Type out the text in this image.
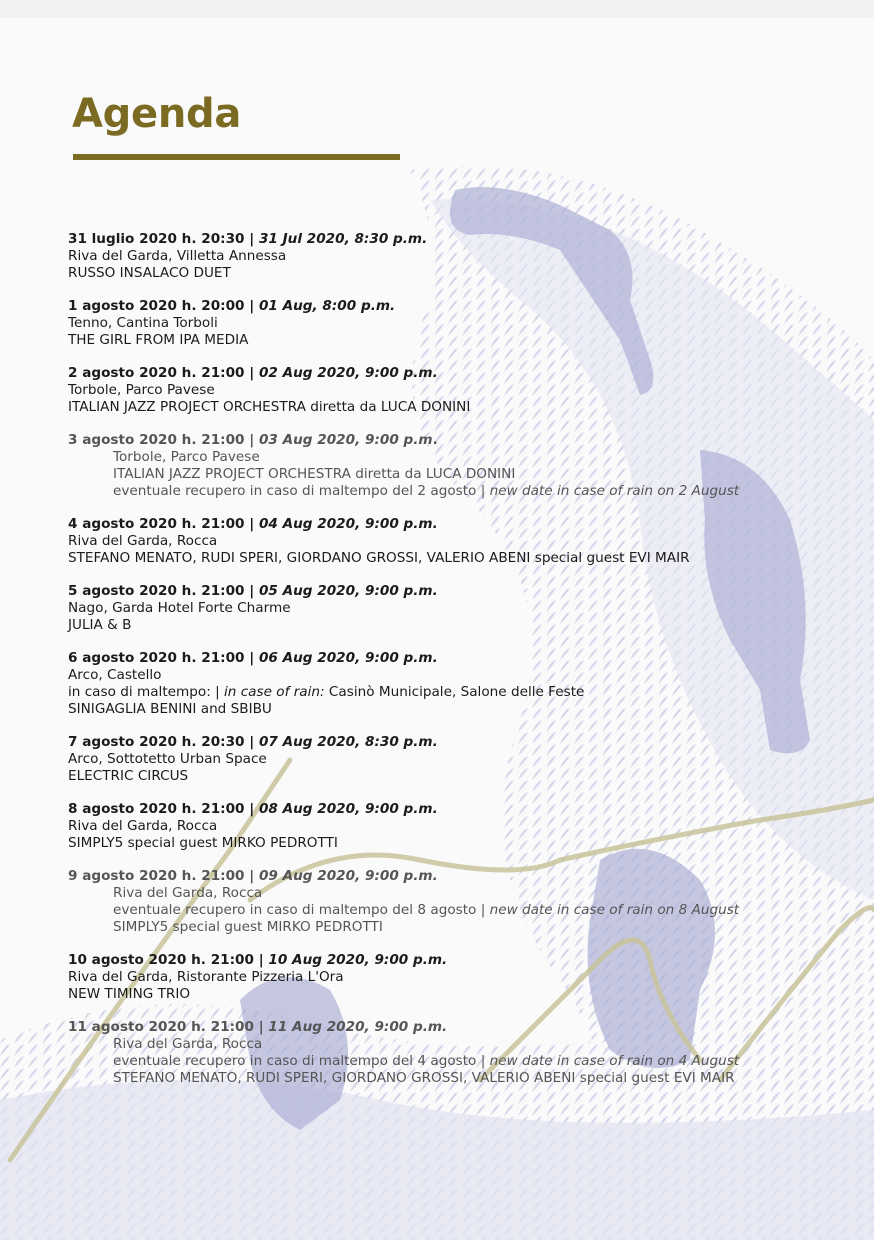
Agenda
31 luglio 2020 h. 20:30 | 31 Jul 2020, 8:30 p.m.
Riva del Garda, Villetta Annessa
RUSSO INSALACO DUET
1 agosto 2020 h. 20:00 | 01 Aug, 8:00 p.m.
Tenno, Cantina Torboli
THE GIRL FROM IPA MEDIA
2 agosto 2020 h. 21:00 | 02 Aug 2020, 9:00 p.m.
Torbole, Parco Pavese
ITALIAN JAZZ PROJECT ORCHESTRA diretta da LUCA DONINI
3 agosto 2020 h. 21:00 | 03 Aug 2020, 9:00 p.m.
Torbole, Parco Pavese
ITALIAN JAZZ PROJECT ORCHESTRA diretta da LUCA DONINI
eventuale recupero in caso di maltempo del 2 agosto | new date in case of rain on 2 August
4 agosto 2020 h. 21:00 | 04 Aug 2020, 9:00 p.m.
Riva del Garda, Rocca
STEFANO MENATO, RUDI SPERI, GIORDANO GROSSI, VALERIO ABENI special guest EVI MAIR
5 agosto 2020 h. 21:00 | 05 Aug 2020, 9:00 p.m.
Nago, Garda Hotel Forte Charme
JULIA & B
6 agosto 2020 h. 21:00 | 06 Aug 2020, 9:00 p.m.
Arco, Castello
in caso di maltempo: | in case of rain: Casinò Municipale, Salone delle Feste
SINIGAGLIA BENINI and SBIBU
7 agosto 2020 h. 20:30 | 07 Aug 2020, 8:30 p.m.
Arco, Sottotetto Urban Space
ELECTRIC CIRCUS
8 agosto 2020 h. 21:00 | 08 Aug 2020, 9:00 p.m.
Riva del Garda, Rocca
SIMPLY5 special guest MIRKO PEDROTTI
9 agosto 2020 h. 21:00 | 09 Aug 2020, 9:00 p.m.
Riva del Garda, Rocca
eventuale recupero in caso di maltempo del 8 agosto | new date in case of rain on 8 August
SIMPLY5 special guest MIRKO PEDROTTI
10 agosto 2020 h. 21:00 | 10 Aug 2020, 9:00 p.m.
Riva del Garda, Ristorante Pizzeria L'Ora
NEW TIMING TRIO
11 agosto 2020 h. 21:00 | 11 Aug 2020, 9:00 p.m.
Riva del Garda, Rocca
eventuale recupero in caso di maltempo del 4 agosto | new date in case of rain on 4 August
STEFANO MENATO, RUDI SPERI, GIORDANO GROSSI, VALERIO ABENI special guest EVI MAIR
